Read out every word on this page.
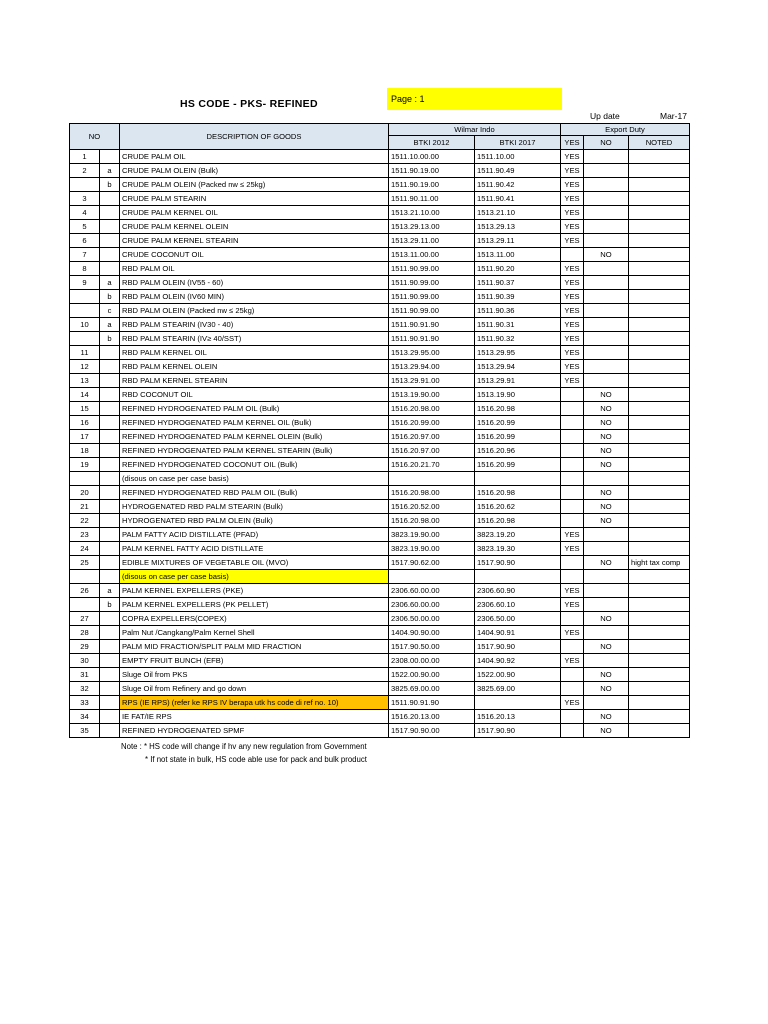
HS CODE - PKS- REFINED	Page : 1
Up date	Mar-17
NO		DESCRIPTION OF GOODS	Wilmar Indo		Export Duty		
			BTKI 2012	BTKI 2017	YES	NO	NOTED
1		CRUDE PALM OIL	1511.10.00.00	1511.10.00	YES		
2	a	CRUDE PALM OLEIN (Bulk)	1511.90.19.00	1511.90.49	YES		
	b	CRUDE PALM OLEIN (Packed nw ≤ 25kg)	1511.90.19.00	1511.90.42	YES		
3		CRUDE PALM STEARIN	1511.90.11.00	1511.90.41	YES		
4		CRUDE PALM KERNEL OIL	1513.21.10.00	1513.21.10	YES		
5		CRUDE PALM KERNEL OLEIN	1513.29.13.00	1513.29.13	YES		
6		CRUDE PALM KERNEL STEARIN	1513.29.11.00	1513.29.11	YES		
7		CRUDE COCONUT OIL	1513.11.00.00	1513.11.00		NO	
8		RBD PALM OIL	1511.90.99.00	1511.90.20	YES		
9	a	RBD PALM OLEIN (IV55 - 60)	1511.90.99.00	1511.90.37	YES		
	b	RBD PALM OLEIN (IV60 MIN)	1511.90.99.00	1511.90.39	YES		
	c	RBD PALM OLEIN (Packed nw ≤ 25kg)	1511.90.99.00	1511.90.36	YES		
10	a	RBD PALM STEARIN (IV30 - 40)	1511.90.91.90	1511.90.31	YES		
	b	RBD PALM STEARIN (IV≥ 40/SST)	1511.90.91.90	1511.90.32	YES		
11		RBD PALM KERNEL OIL	1513.29.95.00	1513.29.95	YES		
12		RBD PALM KERNEL OLEIN	1513.29.94.00	1513.29.94	YES		
13		RBD PALM KERNEL STEARIN	1513.29.91.00	1513.29.91	YES		
14		RBD COCONUT OIL	1513.19.90.00	1513.19.90		NO	
15		REFINED HYDROGENATED PALM OIL (Bulk)	1516.20.98.00	1516.20.98		NO	
16		REFINED HYDROGENATED PALM KERNEL OIL (Bulk)	1516.20.99.00	1516.20.99		NO	
17		REFINED HYDROGENATED PALM KERNEL OLEIN (Bulk)	1516.20.97.00	1516.20.99		NO	
18		REFINED HYDROGENATED PALM KERNEL STEARIN (Bulk)	1516.20.97.00	1516.20.96		NO	
19		REFINED HYDROGENATED COCONUT OIL (Bulk)	1516.20.21.70	1516.20.99		NO	
		(disous on case per case basis)					
20		REFINED HYDROGENATED RBD PALM OIL (Bulk)	1516.20.98.00	1516.20.98		NO	
21		HYDROGENATED RBD PALM STEARIN (Bulk)	1516.20.52.00	1516.20.62		NO	
22		HYDROGENATED RBD PALM OLEIN (Bulk)	1516.20.98.00	1516.20.98		NO	
23		PALM FATTY ACID DISTILLATE (PFAD)	3823.19.90.00	3823.19.20	YES		
24		PALM KERNEL FATTY ACID DISTILLATE	3823.19.90.00	3823.19.30	YES		
25		EDIBLE MIXTURES OF VEGETABLE OIL (MVO)	1517.90.62.00	1517.90.90		NO	hight tax comp
		(disous on case per case basis)					
26	a	PALM KERNEL EXPELLERS (PKE)	2306.60.00.00	2306.60.90	YES		
	b	PALM KERNEL EXPELLERS (PK PELLET)	2306.60.00.00	2306.60.10	YES		
27		COPRA EXPELLERS(COPEX)	2306.50.00.00	2306.50.00		NO	
28		Palm Nut /Cangkang/Palm Kernel Shell	1404.90.90.00	1404.90.91	YES		
29		PALM MID FRACTION/SPLIT PALM MID FRACTION	1517.90.50.00	1517.90.90		NO	
30		EMPTY FRUIT BUNCH (EFB)	2308.00.00.00	1404.90.92	YES		
31		Sluge Oil from PKS	1522.00.90.00	1522.00.90		NO	
32		Sluge Oil from Refinery and go down	3825.69.00.00	3825.69.00		NO	
33		RPS (IE RPS) (refer ke RPS IV berapa utk hs code di ref no. 10)	1511.90.91.90		YES		
34		IE FAT/IE RPS	1516.20.13.00	1516.20.13		NO	
35		REFINED HYDROGENATED SPMF	1517.90.90.00	1517.90.90		NO	
Note : * HS code will change if hv any new regulation from Government
* If not state in bulk, HS code able use for pack and bulk product
